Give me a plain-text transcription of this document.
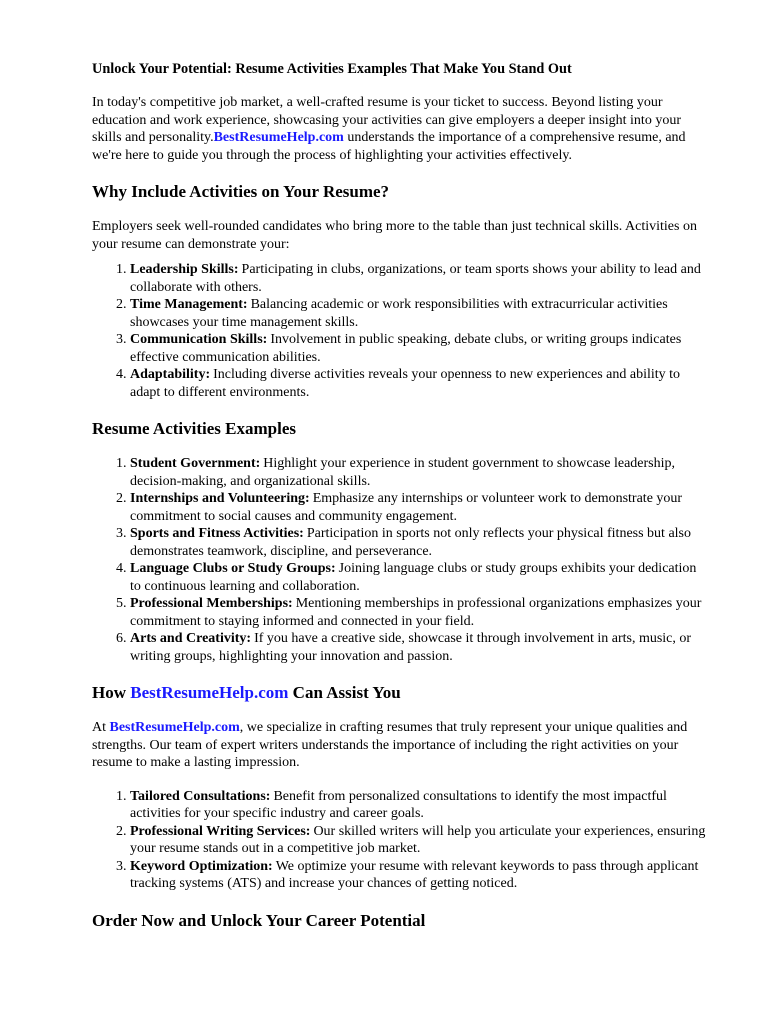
Unlock Your Potential: Resume Activities Examples That Make You Stand Out

In today's competitive job market, a well-crafted resume is your ticket to success. Beyond listing your education and work experience, showcasing your activities can give employers a deeper insight into your skills and personality.BestResumeHelp.com understands the importance of a comprehensive resume, and we're here to guide you through the process of highlighting your activities effectively.

Why Include Activities on Your Resume?

Employers seek well-rounded candidates who bring more to the table than just technical skills. Activities on your resume can demonstrate your:

1. Leadership Skills: Participating in clubs, organizations, or team sports shows your ability to lead and collaborate with others.
2. Time Management: Balancing academic or work responsibilities with extracurricular activities showcases your time management skills.
3. Communication Skills: Involvement in public speaking, debate clubs, or writing groups indicates effective communication abilities.
4. Adaptability: Including diverse activities reveals your openness to new experiences and ability to adapt to different environments.
Resume Activities Examples
1. Student Government: Highlight your experience in student government to showcase leadership, decision-making, and organizational skills.
2. Internships and Volunteering: Emphasize any internships or volunteer work to demonstrate your commitment to social causes and community engagement.
3. Sports and Fitness Activities: Participation in sports not only reflects your physical fitness but also demonstrates teamwork, discipline, and perseverance.
4. Language Clubs or Study Groups: Joining language clubs or study groups exhibits your dedication to continuous learning and collaboration.
5. Professional Memberships: Mentioning memberships in professional organizations emphasizes your commitment to staying informed and connected in your field.
6. Arts and Creativity: If you have a creative side, showcase it through involvement in arts, music, or writing groups, highlighting your innovation and passion.
How BestResumeHelp.com Can Assist You

At BestResumeHelp.com, we specialize in crafting resumes that truly represent your unique qualities and strengths. Our team of expert writers understands the importance of including the right activities on your resume to make a lasting impression.

1. Tailored Consultations: Benefit from personalized consultations to identify the most impactful activities for your specific industry and career goals.
2. Professional Writing Services: Our skilled writers will help you articulate your experiences, ensuring your resume stands out in a competitive job market.
3. Keyword Optimization: We optimize your resume with relevant keywords to pass through applicant tracking systems (ATS) and increase your chances of getting noticed.
Order Now and Unlock Your Career Potential
